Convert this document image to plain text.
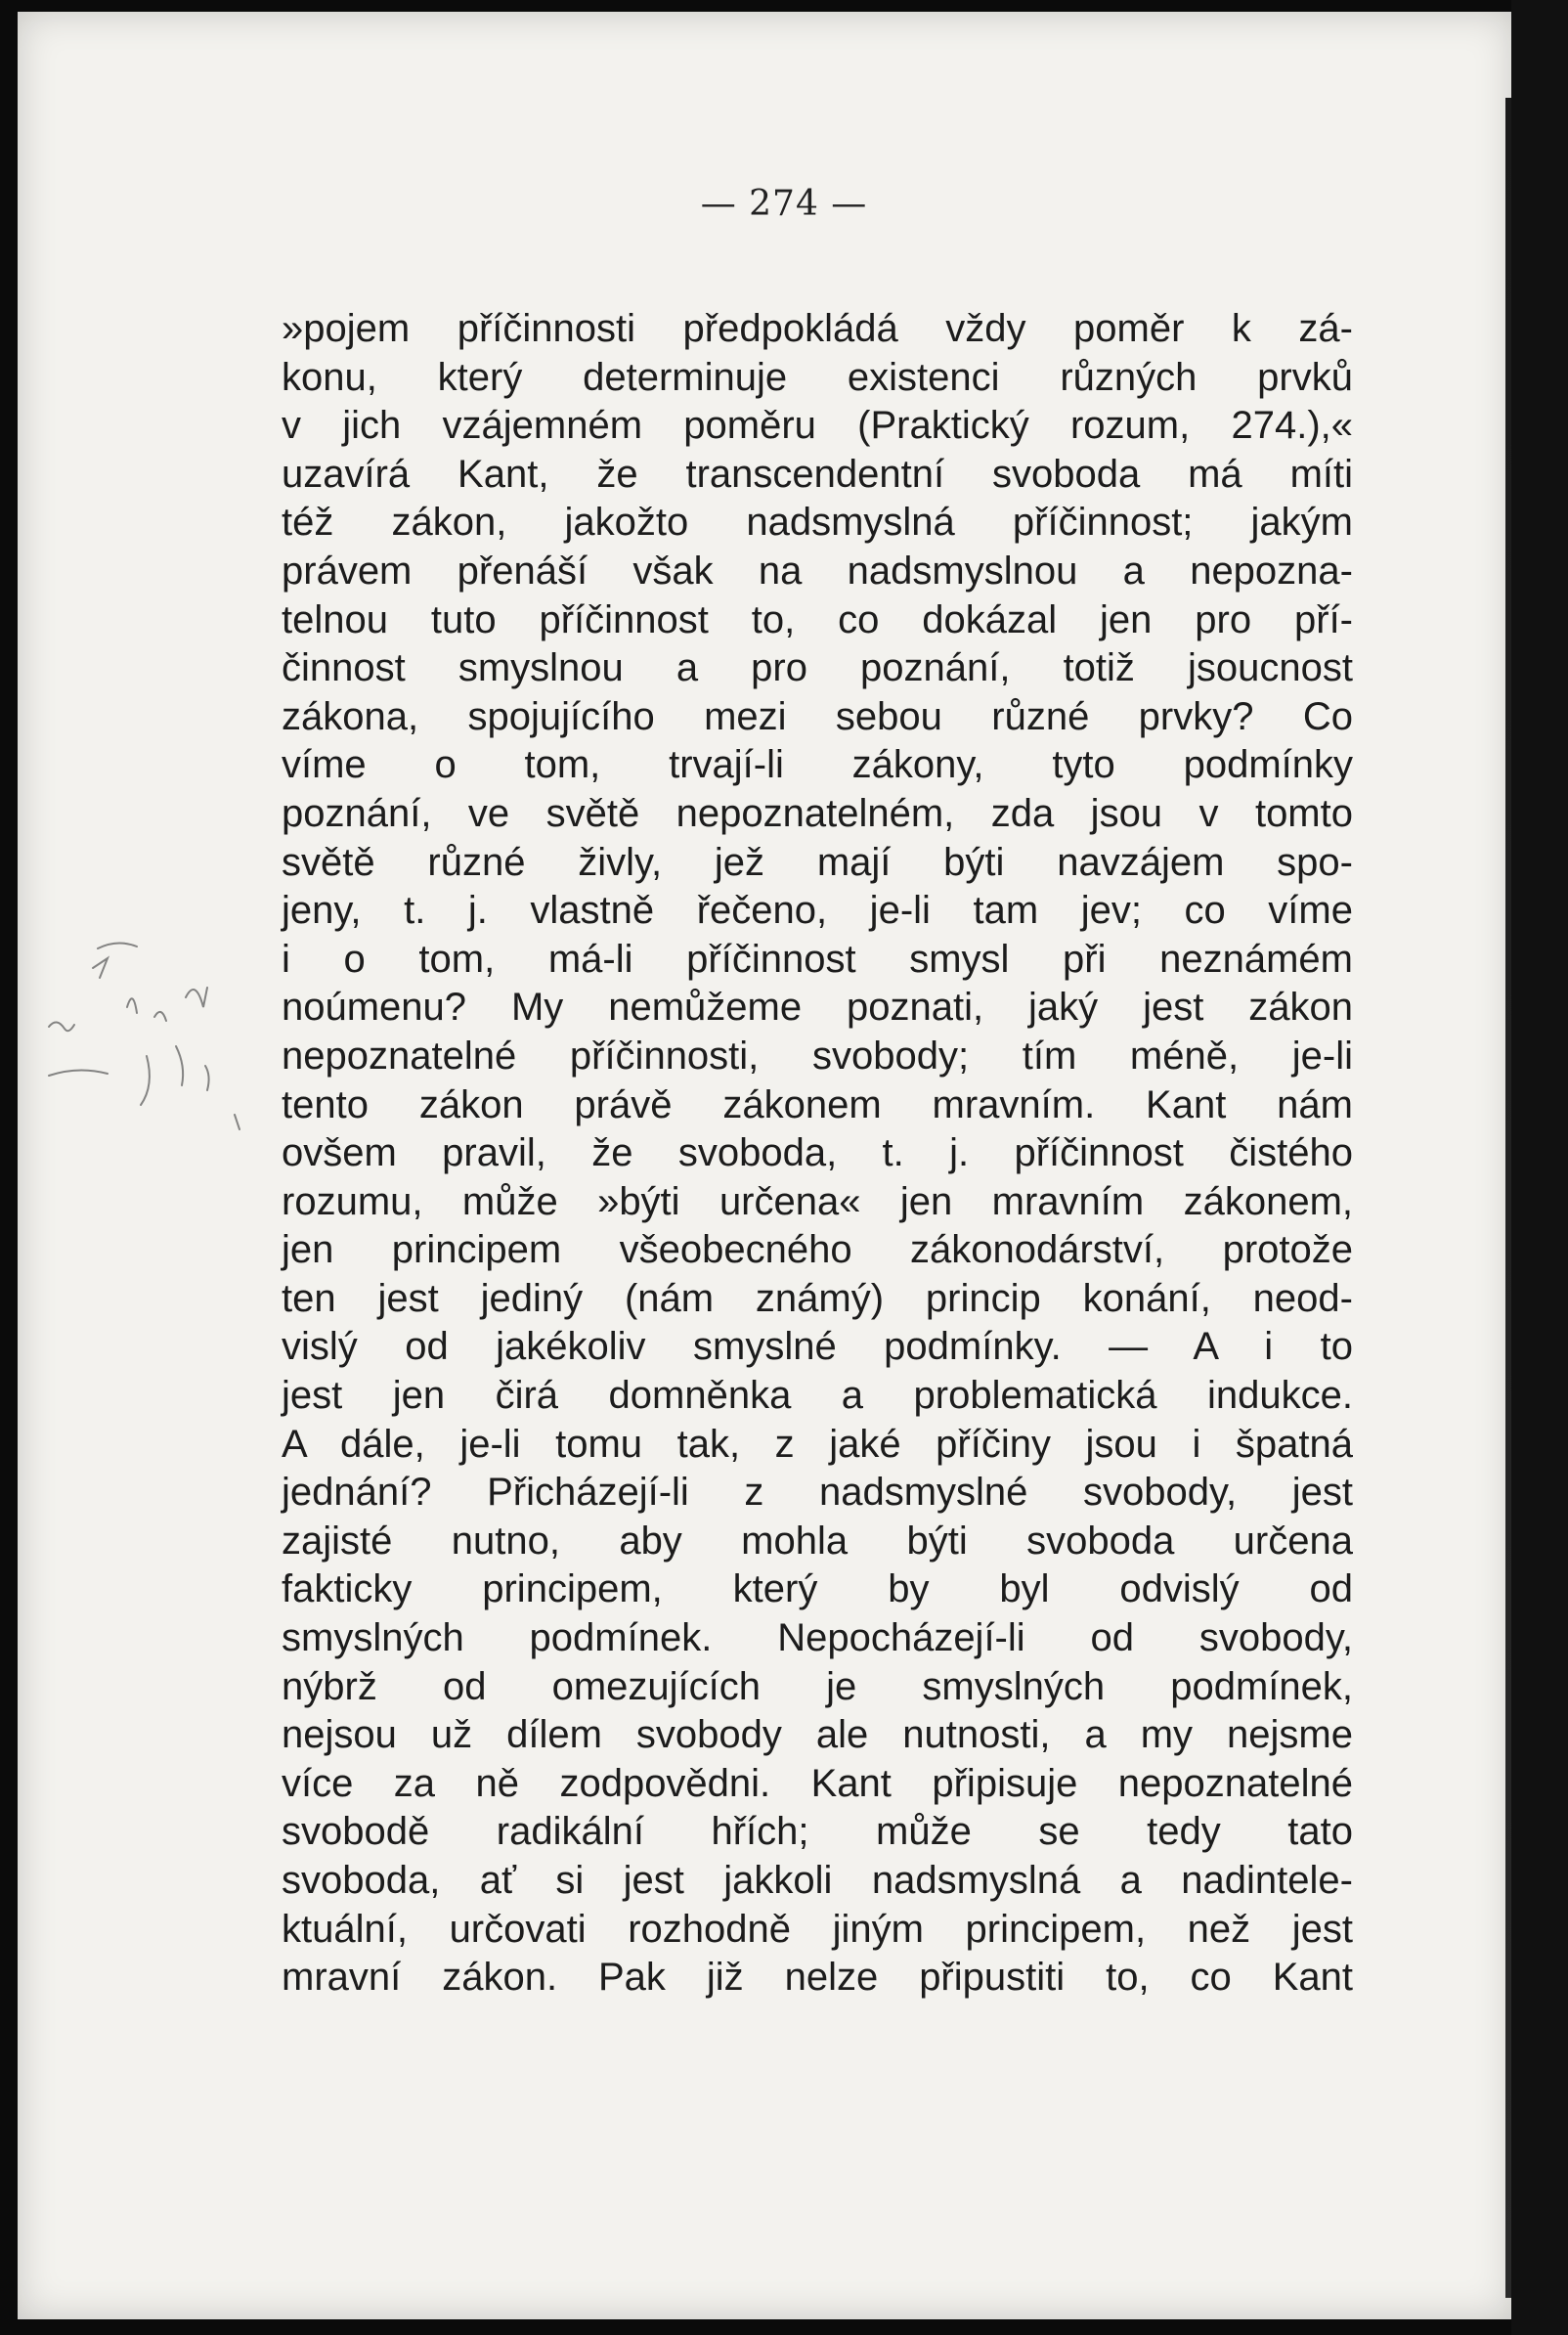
— 274 —
»pojem příčinnosti předpokládá vždy poměr k zá-
konu, který determinuje existenci různých prvků
v jich vzájemném poměru (Praktický rozum, 274.),«
uzavírá Kant, že transcendentní svoboda má míti
též zákon, jakožto nadsmyslná příčinnost; jakým
právem přenáší však na nadsmyslnou a nepozna-
telnou tuto příčinnost to, co dokázal jen pro pří-
činnost smyslnou a pro poznání, totiž jsoucnost
zákona, spojujícího mezi sebou různé prvky? Co
víme o tom, trvají-li zákony, tyto podmínky
poznání, ve světě nepoznatelném, zda jsou v tomto
světě různé živly, jež mají býti navzájem spo-
jeny, t. j. vlastně řečeno, je-li tam jev; co víme
i o tom, má-li příčinnost smysl při neznámém
noúmenu? My nemůžeme poznati, jaký jest zákon
nepoznatelné příčinnosti, svobody; tím méně, je-li
tento zákon právě zákonem mravním. Kant nám
ovšem pravil, že svoboda, t. j. příčinnost čistého
rozumu, může »býti určena« jen mravním zákonem,
jen principem všeobecného zákonodárství, protože
ten jest jediný (nám známý) princip konání, neod-
vislý od jakékoliv smyslné podmínky. — A i to
jest jen čirá domněnka a problematická indukce.
A dále, je-li tomu tak, z jaké příčiny jsou i špatná
jednání? Přicházejí-li z nadsmyslné svobody, jest
zajisté nutno, aby mohla býti svoboda určena
fakticky principem, který by byl odvislý od
smyslných podmínek. Nepocházejí-li od svobody,
nýbrž od omezujících je smyslných podmínek,
nejsou už dílem svobody ale nutnosti, a my nejsme
více za ně zodpovědni. Kant připisuje nepoznatelné
svobodě radikální hřích; může se tedy tato
svoboda, ať si jest jakkoli nadsmyslná a nadintele-
ktuální, určovati rozhodně jiným principem, než jest
mravní zákon. Pak již nelze připustiti to, co Kant
